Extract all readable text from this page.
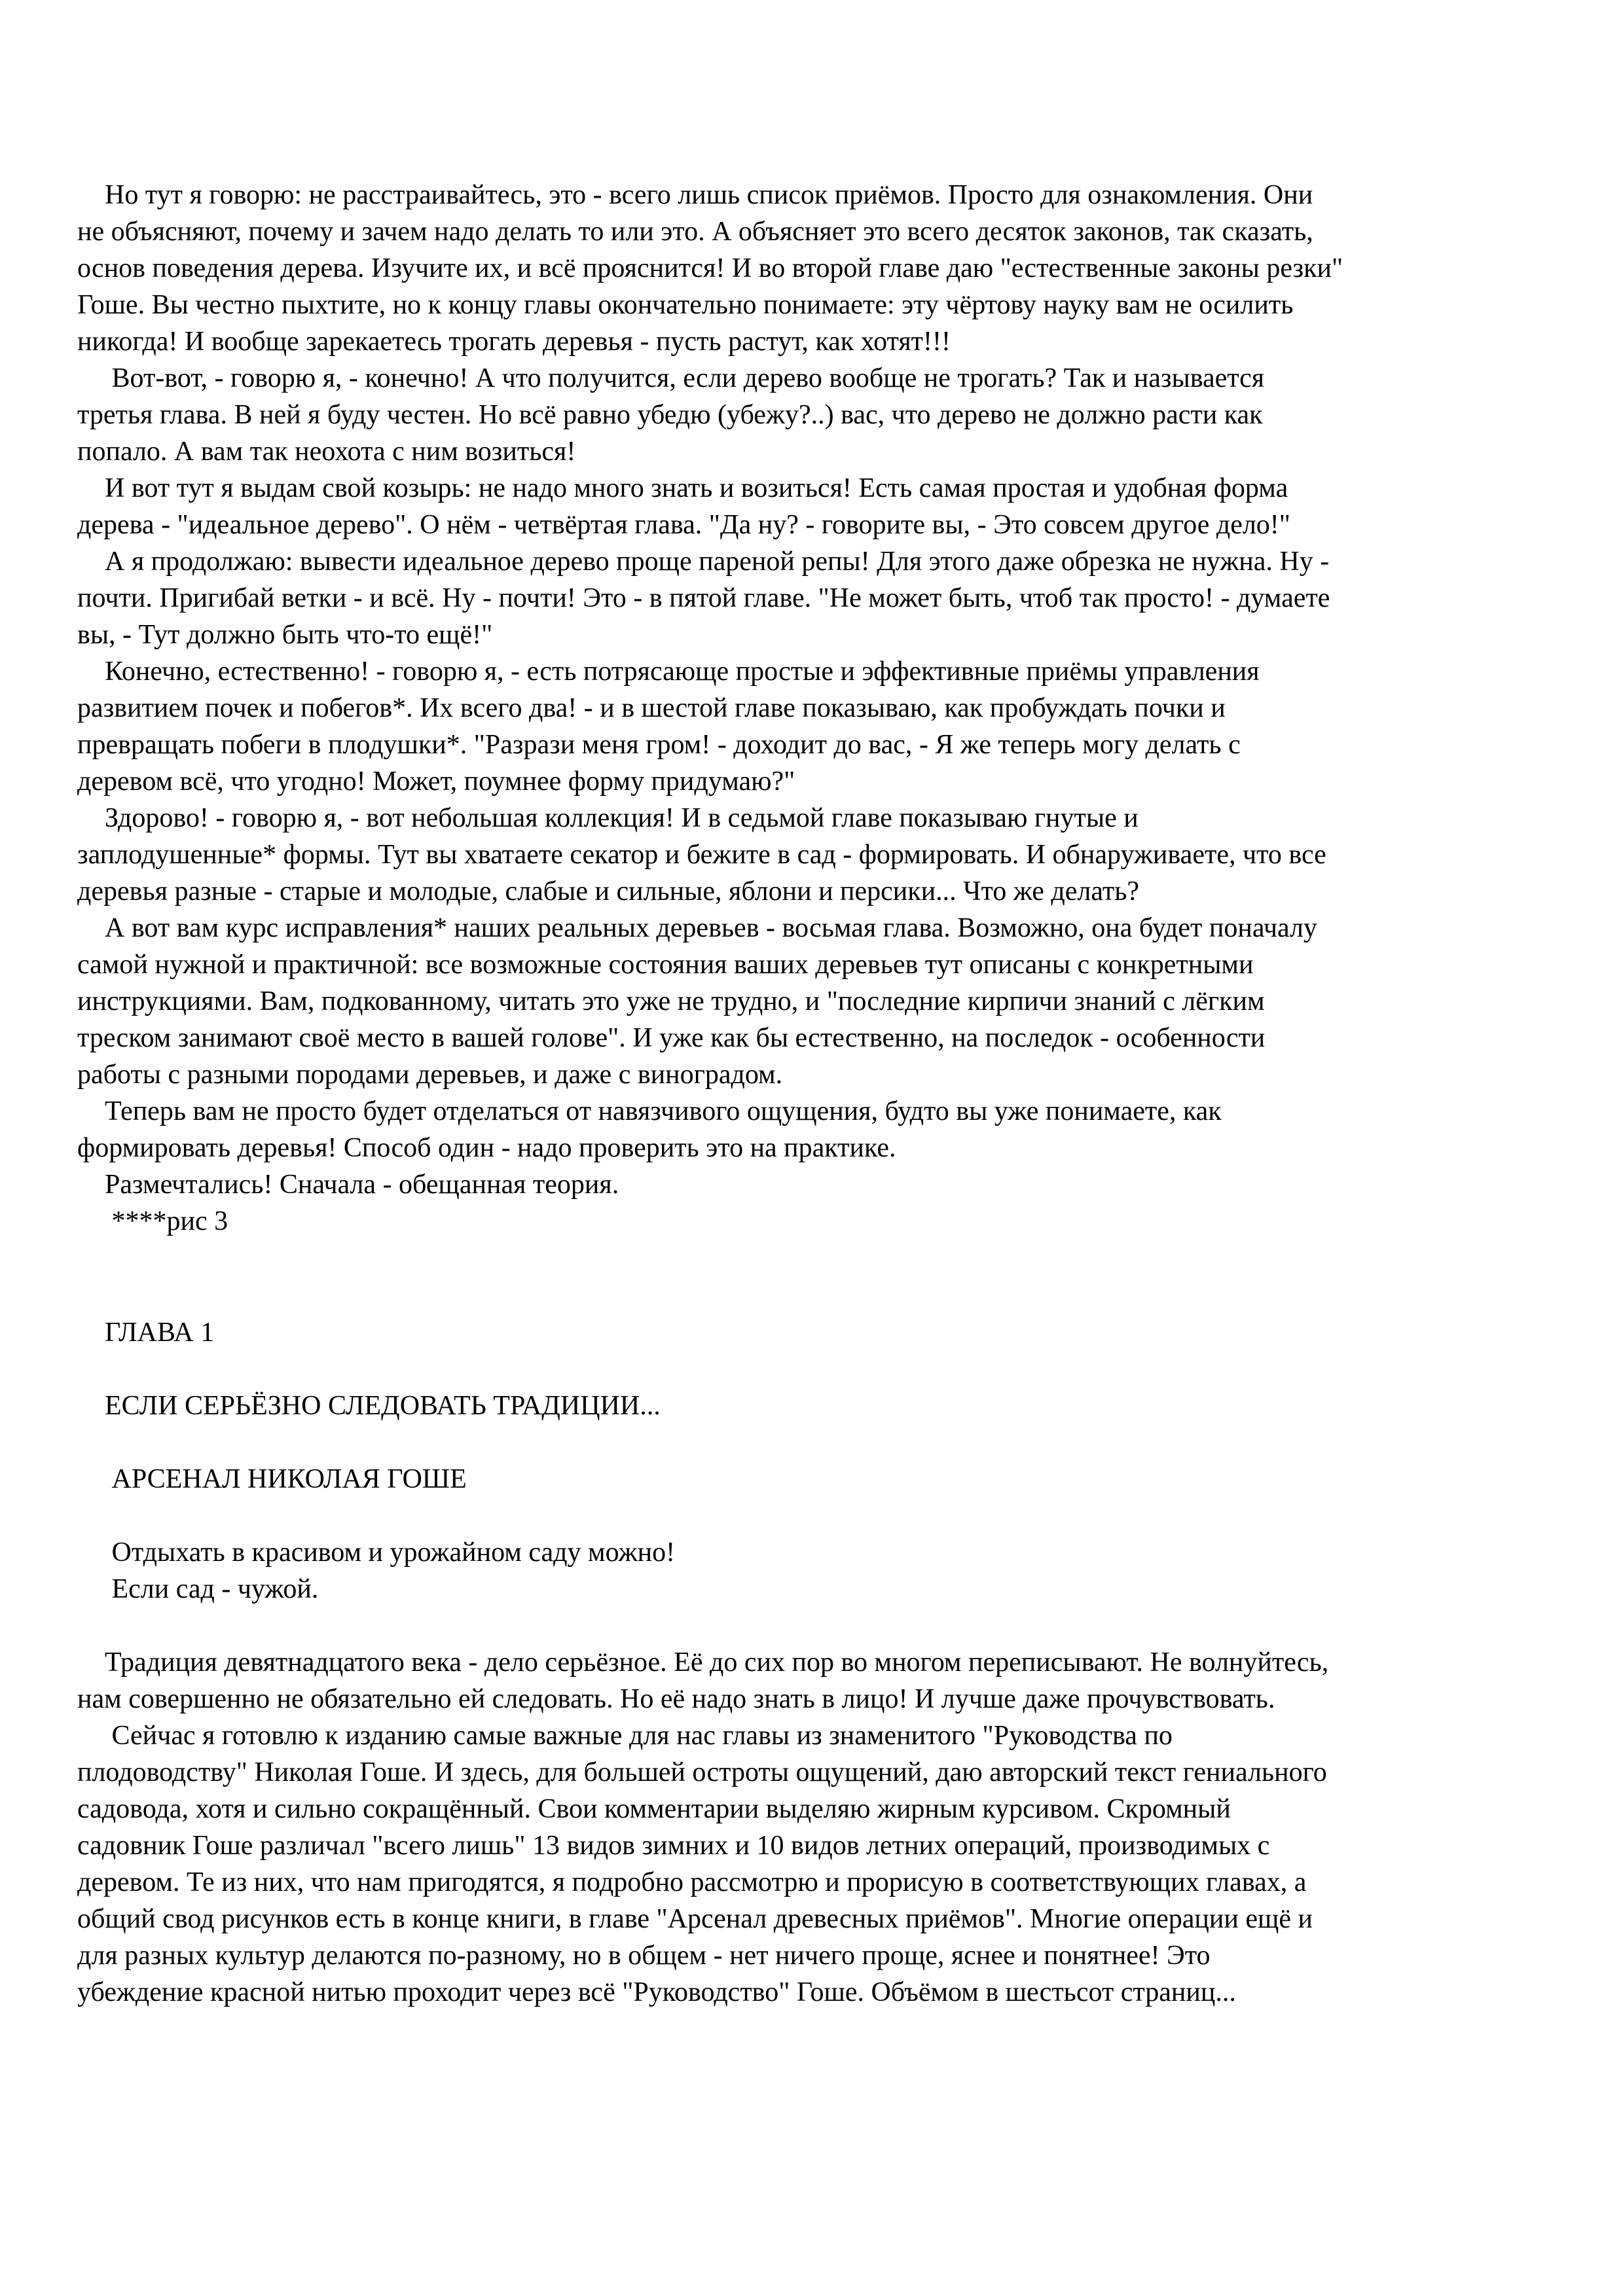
Но тут я говорю: не расстраивайтесь, это - всего лишь список приёмов. Просто для ознакомления. Они

не объясняют, почему и зачем надо делать то или это. А объясняет это всего десяток законов, так сказать,

основ поведения дерева. Изучите их, и всё прояснится! И во второй главе даю "естественные законы резки"

Гоше. Вы честно пыхтите, но к концу главы окончательно понимаете: эту чёртову науку вам не осилить

никогда! И вообще зарекаетесь трогать деревья - пусть растут, как хотят!!!

Вот-вот, - говорю я, - конечно! А что получится, если дерево вообще не трогать? Так и называется

третья глава. В ней я буду честен. Но всё равно убедю (убежу?..) вас, что дерево не должно расти как

попало. А вам так неохота с ним возиться!

И вот тут я выдам свой козырь: не надо много знать и возиться! Есть самая простая и удобная форма

дерева - "идеальное дерево". О нём - четвёртая глава. "Да ну? - говорите вы, - Это совсем другое дело!"

А я продолжаю: вывести идеальное дерево проще пареной репы! Для этого даже обрезка не нужна. Ну -

почти. Пригибай ветки - и всё. Ну - почти! Это - в пятой главе. "Не может быть, чтоб так просто! - думаете

вы, - Тут должно быть что-то ещё!"

Конечно, естественно! - говорю я, - есть потрясающе простые и эффективные приёмы управления

развитием почек и побегов*. Их всего два! - и в шестой главе показываю, как пробуждать почки и

превращать побеги в плодушки*. "Разрази меня гром! - доходит до вас, - Я же теперь могу делать с

деревом всё, что угодно! Может, поумнее форму придумаю?"

Здорово! - говорю я, - вот небольшая коллекция! И в седьмой главе показываю гнутые и

заплодушенные* формы. Тут вы хватаете секатор и бежите в сад - формировать. И обнаруживаете, что все

деревья разные - старые и молодые, слабые и сильные, яблони и персики... Что же делать?

А вот вам курс исправления* наших реальных деревьев - восьмая глава. Возможно, она будет поначалу

самой нужной и практичной: все возможные состояния ваших деревьев тут описаны с конкретными

инструкциями. Вам, подкованному, читать это уже не трудно, и "последние кирпичи знаний с лёгким

треском занимают своё место в вашей голове". И уже как бы естественно, на последок - особенности

работы с разными породами деревьев, и даже с виноградом.

Теперь вам не просто будет отделаться от навязчивого ощущения, будто вы уже понимаете, как

формировать деревья! Способ один - надо проверить это на практике.

Размечтались! Сначала - обещанная теория.

****рис 3

ГЛАВА 1

ЕСЛИ СЕРЬЁЗНО СЛЕДОВАТЬ ТРАДИЦИИ...

АРСЕНАЛ НИКОЛАЯ ГОШЕ

Отдыхать в красивом и урожайном саду можно!

Если сад - чужой.

Традиция девятнадцатого века - дело серьёзное. Её до сих пор во многом переписывают. Не волнуйтесь,

нам совершенно не обязательно ей следовать. Но её надо знать в лицо! И лучше даже прочувствовать.

Сейчас я готовлю к изданию самые важные для нас главы из знаменитого "Руководства по

плодоводству" Николая Гоше. И здесь, для большей остроты ощущений, даю авторский текст гениального

садовода, хотя и сильно сокращённый. Свои комментарии выделяю жирным курсивом. Скромный

садовник Гоше различал "всего лишь" 13 видов зимних и 10 видов летних операций, производимых с

деревом. Те из них, что нам пригодятся, я подробно рассмотрю и прорисую в соответствующих главах, а

общий свод рисунков есть в конце книги, в главе "Арсенал древесных приёмов". Многие операции ещё и

для разных культур делаются по-разному, но в общем - нет ничего проще, яснее и понятнее! Это

убеждение красной нитью проходит через всё "Руководство" Гоше. Объёмом в шестьсот страниц...
